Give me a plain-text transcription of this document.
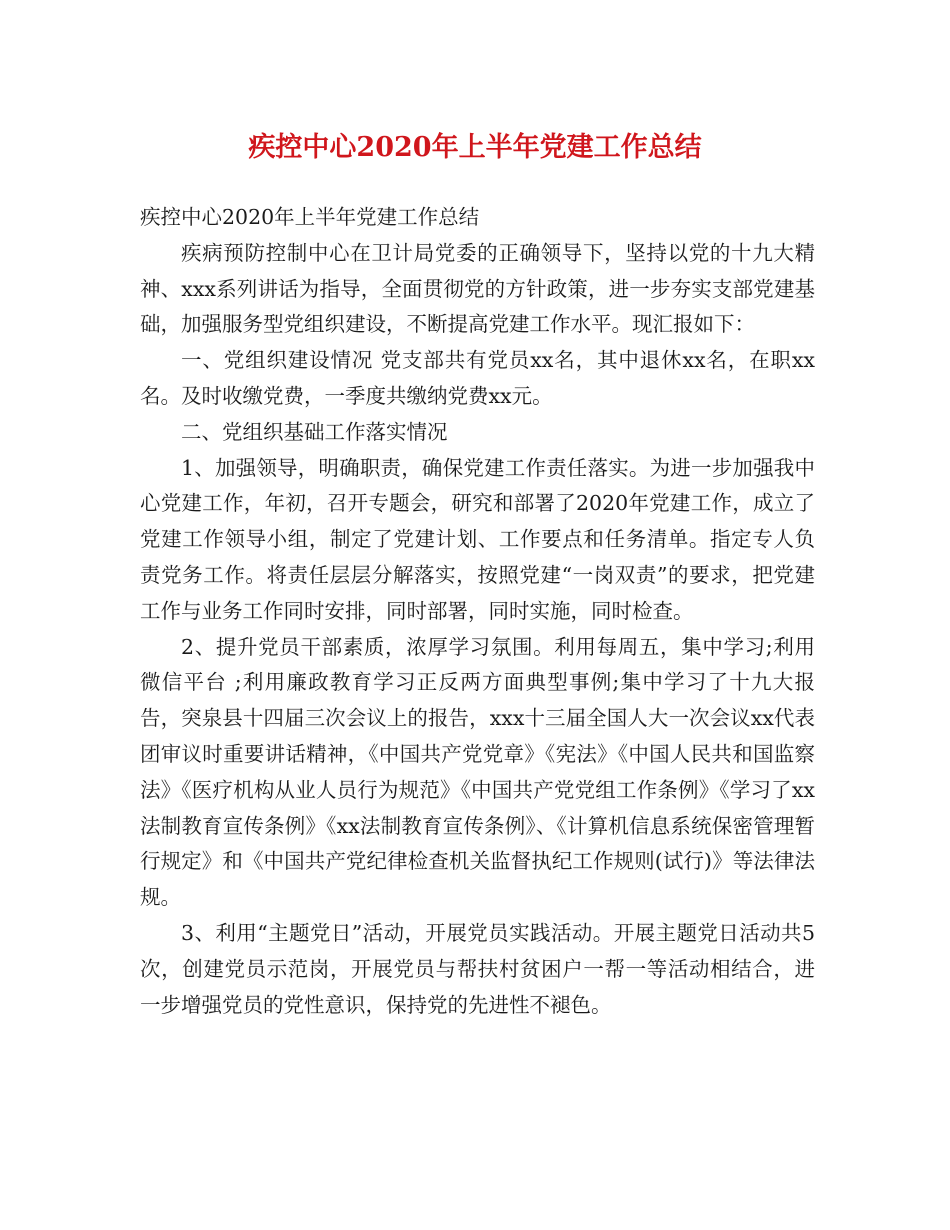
疾控中心2020年上半年党建工作总结

疾控中心2020年上半年党建工作总结

疾病预防控制中心在卫计局党委的正确领导下，坚持以党的十九大精神、xxx系列讲话为指导，全面贯彻党的方针政策，进一步夯实支部党建基础，加强服务型党组织建设，不断提高党建工作水平。现汇报如下：

一、党组织建设情况 党支部共有党员xx名，其中退休xx名，在职xx名。及时收缴党费，一季度共缴纳党费xx元。

二、党组织基础工作落实情况

1、加强领导，明确职责，确保党建工作责任落实。为进一步加强我中心党建工作，年初，召开专题会，研究和部署了2020年党建工作，成立了党建工作领导小组，制定了党建计划、工作要点和任务清单。指定专人负责党务工作。将责任层层分解落实，按照党建“一岗双责”的要求，把党建工作与业务工作同时安排，同时部署，同时实施，同时检查。

2、提升党员干部素质，浓厚学习氛围。利用每周五，集中学习;利用微信平台 ;利用廉政教育学习正反两方面典型事例;集中学习了十九大报告，突泉县十四届三次会议上的报告，xxx十三届全国人大一次会议xx代表团审议时重要讲话精神，《中国共产党党章》《宪法》《中国人民共和国监察法》《医疗机构从业人员行为规范》《中国共产党党组工作条例》《学习了xx法制教育宣传条例》《xx法制教育宣传条例》、《计算机信息系统保密管理暂行规定》和《中国共产党纪律检查机关监督执纪工作规则(试行)》等法律法规。

3、利用“主题党日”活动，开展党员实践活动。开展主题党日活动共5次，创建党员示范岗，开展党员与帮扶村贫困户一帮一等活动相结合，进一步增强党员的党性意识，保持党的先进性不褪色。
